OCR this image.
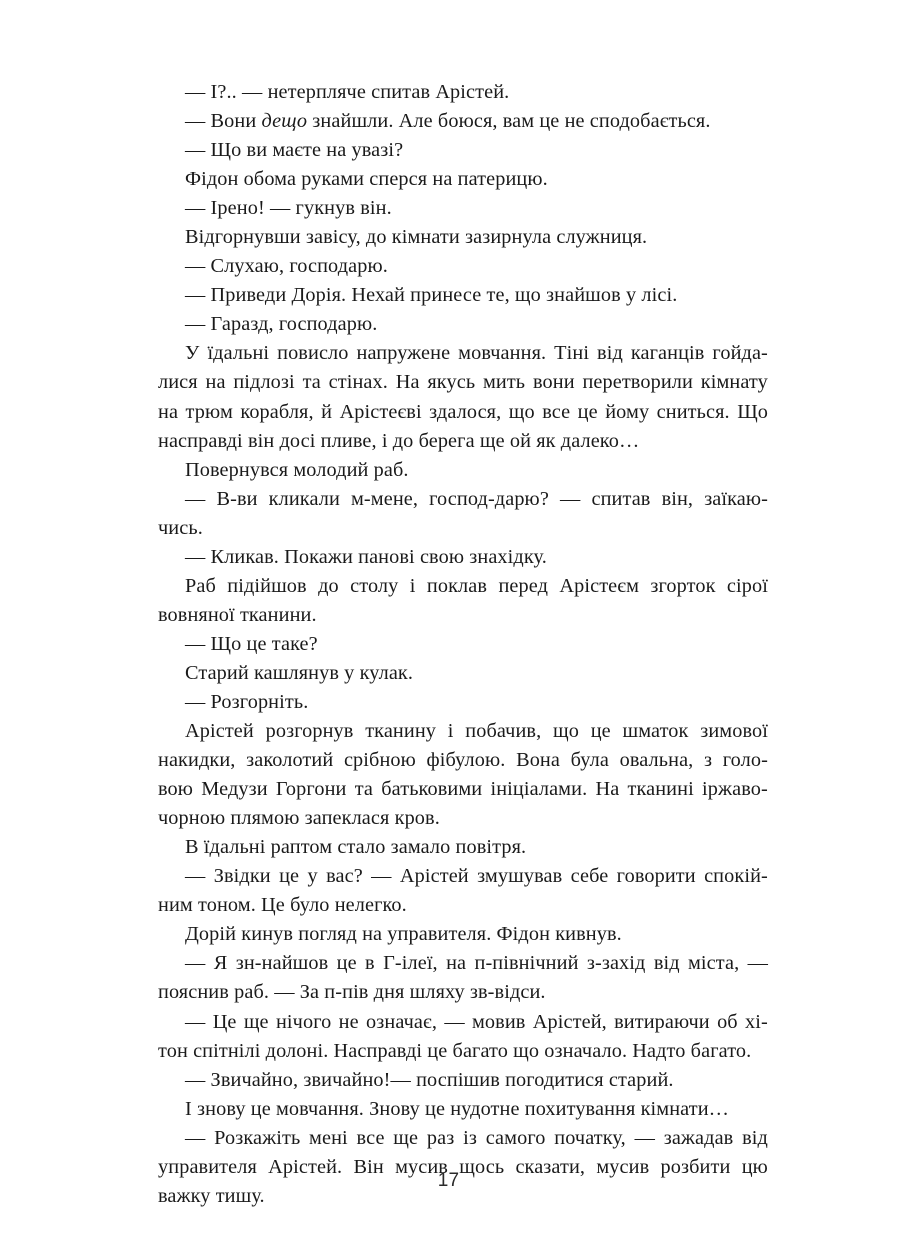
— І?.. — нетерпляче спитав Арістей.
— Вони дещо знайшли. Але боюся, вам це не сподобається.
— Що ви маєте на увазі?
Фідон обома руками сперся на патерицю.
— Ірено! — гукнув він.
Відгорнувши завісу, до кімнати зазирнула служниця.
— Слухаю, господарю.
— Приведи Дорія. Нехай принесе те, що знайшов у лісі.
— Гаразд, господарю.
У їдальні повисло напружене мовчання. Тіні від каганців гойда-
лися на підлозі та стінах. На якусь мить вони перетворили кімнату
на трюм корабля, й Арістеєві здалося, що все це йому сниться. Що
насправді він досі пливе, і до берега ще ой як далеко…
Повернувся молодий раб.
— В-ви кликали м-мене, господ-дарю? — спитав він, заїкаю-
чись.
— Кликав. Покажи панові свою знахідку.
Раб підійшов до столу і поклав перед Арістеєм згорток сірої
вовняної тканини.
— Що це таке?
Старий кашлянув у кулак.
— Розгорніть.
Арістей розгорнув тканину і побачив, що це шматок зимової
накидки, заколотий срібною фібулою. Вона була овальна, з голо-
вою Медузи Горгони та батьковими ініціалами. На тканині іржаво-
чорною плямою запеклася кров.
В їдальні раптом стало замало повітря.
— Звідки це у вас? — Арістей змушував себе говорити спокій-
ним тоном. Це було нелегко.
Дорій кинув погляд на управителя. Фідон кивнув.
— Я зн-найшов це в Г-ілеї, на п-північний з-захід від міста, —
пояснив раб. — За п-пів дня шляху зв-відси.
— Це ще нічого не означає, — мовив Арістей, витираючи об хі-
тон спітнілі долоні. Насправді це багато що означало. Надто багато.
— Звичайно, звичайно!— поспішив погодитися старий.
І знову це мовчання. Знову це нудотне похитування кімнати…
— Розкажіть мені все ще раз із самого початку, — зажадав від
управителя Арістей. Він мусив щось сказати, мусив розбити цю
важку тишу.
17
